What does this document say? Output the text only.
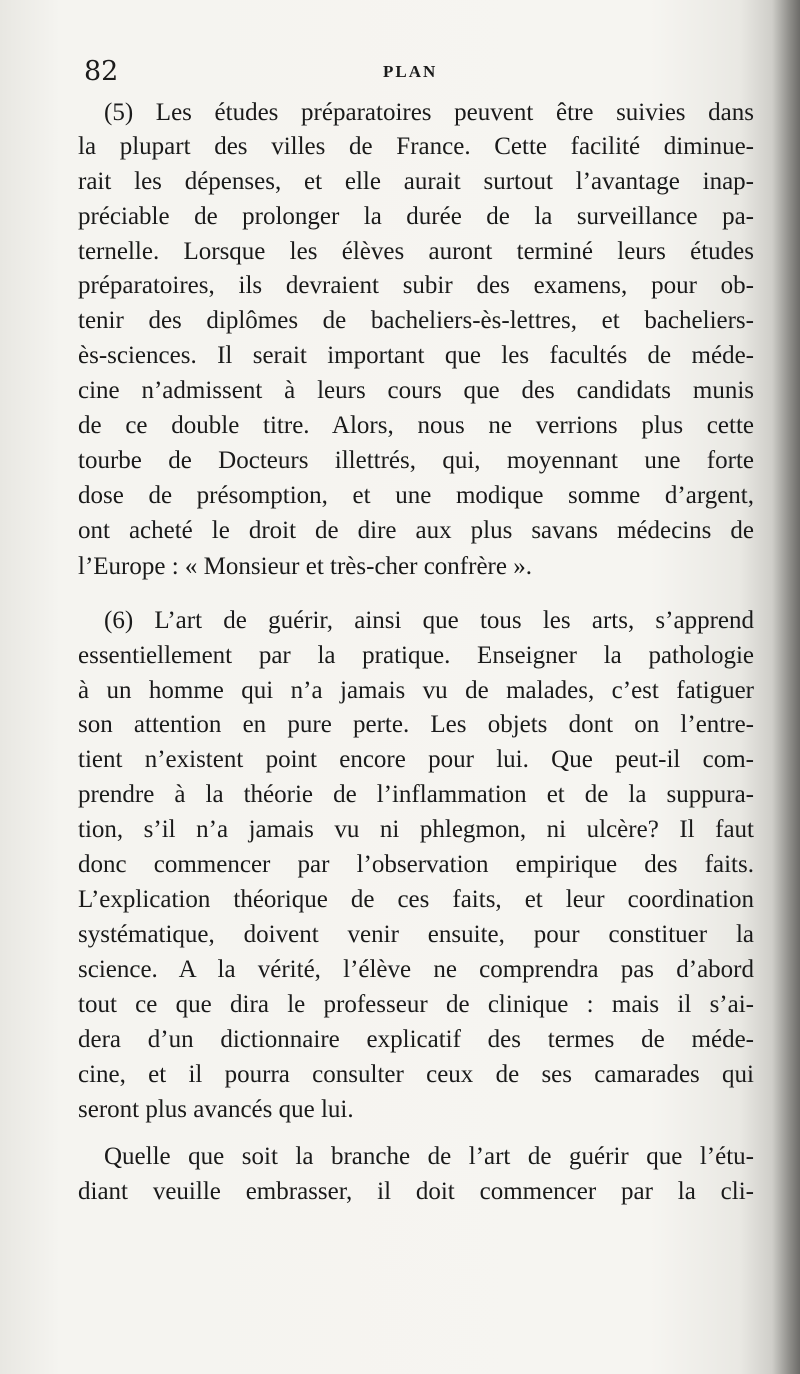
82	PLAN
(5) Les études préparatoires peuvent être suivies dans
la plupart des villes de France. Cette facilité diminue-
rait les dépenses, et elle aurait surtout l’avantage inap-
préciable de prolonger la durée de la surveillance pa-
ternelle. Lorsque les élèves auront terminé leurs études
préparatoires, ils devraient subir des examens, pour ob-
tenir des diplômes de bacheliers-ès-lettres, et bacheliers-
ès-sciences. Il serait important que les facultés de méde-
cine n’admissent à leurs cours que des candidats munis
de ce double titre. Alors, nous ne verrions plus cette
tourbe de Docteurs illettrés, qui, moyennant une forte
dose de présomption, et une modique somme d’argent,
ont acheté le droit de dire aux plus savans médecins de
l’Europe : « Monsieur et très-cher confrère ».
(6) L’art de guérir, ainsi que tous les arts, s’apprend
essentiellement par la pratique. Enseigner la pathologie
à un homme qui n’a jamais vu de malades, c’est fatiguer
son attention en pure perte. Les objets dont on l’entre-
tient n’existent point encore pour lui. Que peut-il com-
prendre à la théorie de l’inflammation et de la suppura-
tion, s’il n’a jamais vu ni phlegmon, ni ulcère? Il faut
donc commencer par l’observation empirique des faits.
L’explication théorique de ces faits, et leur coordination
systématique, doivent venir ensuite, pour constituer la
science. A la vérité, l’élève ne comprendra pas d’abord
tout ce que dira le professeur de clinique : mais il s’ai-
dera d’un dictionnaire explicatif des termes de méde-
cine, et il pourra consulter ceux de ses camarades qui
seront plus avancés que lui.
Quelle que soit la branche de l’art de guérir que l’étu-
diant veuille embrasser, il doit commencer par la cli-
